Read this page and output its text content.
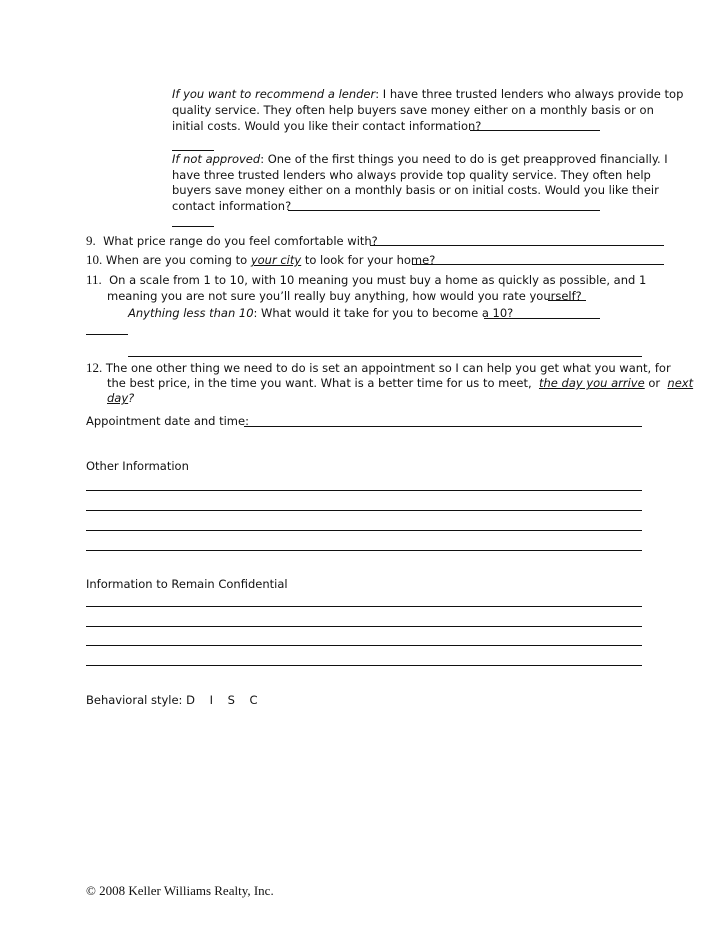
If you want to recommend a lender: I have three trusted lenders who always provide top

quality service. They often help buyers save money either on a monthly basis or on

initial costs. Would you like their contact information?

If not approved: One of the first things you need to do is get preapproved financially. I

have three trusted lenders who always provide top quality service. They often help

buyers save money either on a monthly basis or on initial costs. Would you like their

contact information?

9. What price range do you feel comfortable with?

10. When are you coming to your city to look for your home?

11. On a scale from 1 to 10, with 10 meaning you must buy a home as quickly as possible, and 1

meaning you are not sure you’ll really buy anything, how would you rate yourself?

Anything less than 10: What would it take for you to become a 10?

12. The one other thing we need to do is set an appointment so I can help you get what you want, for

the best price, in the time you want. What is a better time for us to meet, the day you arrive or next

day?

Appointment date and time:

Other Information

Information to Remain Confidential

Behavioral style: D I S C

© 2008 Keller Williams Realty, Inc.
